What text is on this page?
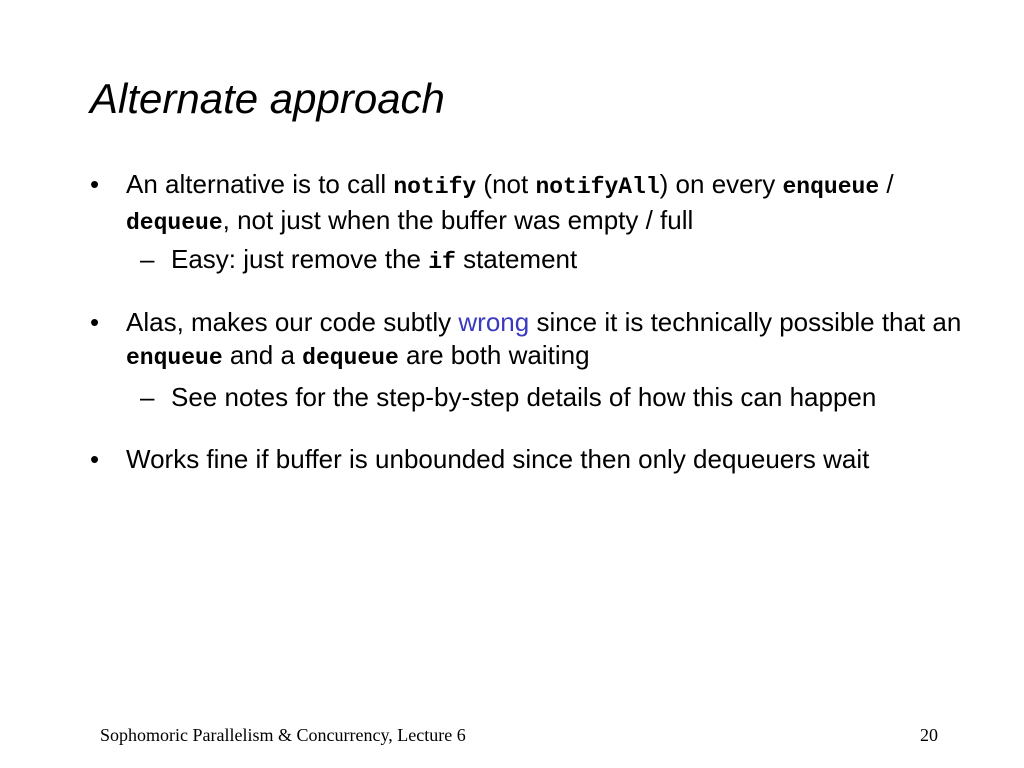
Alternate approach
•	An alternative is to call notify (not notifyAll) on every enqueue / dequeue, not just when the buffer was empty / full
– Easy: just remove the if statement
•	Alas, makes our code subtly wrong since it is technically possible that an enqueue and a dequeue are both waiting
– See notes for the step-by-step details of how this can happen
•	Works fine if buffer is unbounded since then only dequeuers wait
Sophomoric Parallelism & Concurrency, Lecture 6	20
